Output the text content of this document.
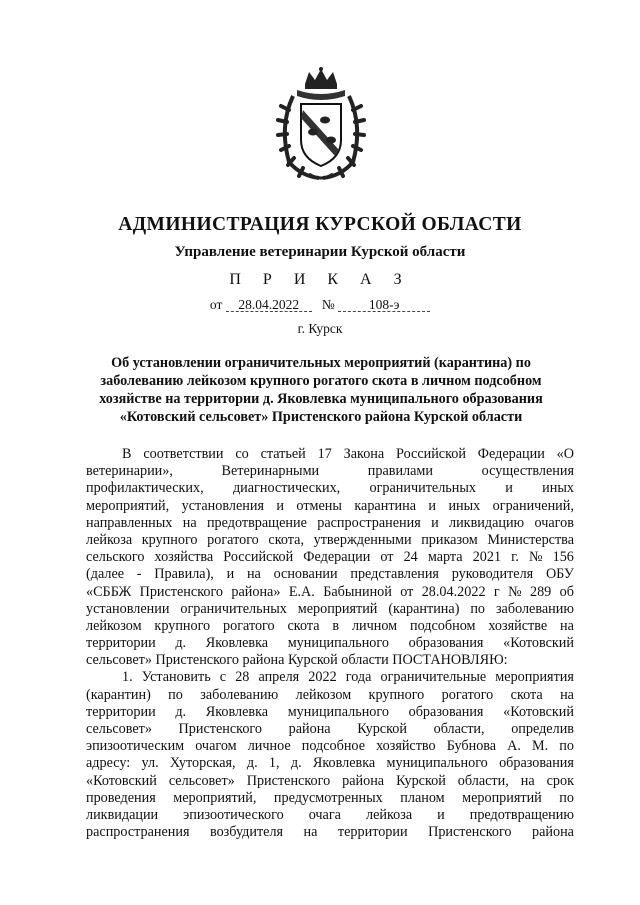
АДМИНИСТРАЦИЯ КУРСКОЙ ОБЛАСТИ
Управление ветеринарии Курской области
П Р И К А З
от 28.04.2022 №	108-э
г. Курск
Об установлении ограничительных мероприятий (карантина) по
заболеванию лейкозом крупного рогатого скота в личном подсобном
хозяйстве на территории д. Яковлевка муниципального образования
«Котовский сельсовет» Пристенского района Курской области
В соответствии со статьей 17 Закона Российской Федерации «О
ветеринарии»,	Ветеринарными	правилами	осуществления
профилактических, диагностических, ограничительных и иных
мероприятий, установления и отмены карантина и иных ограничений,
направленных на предотвращение распространения и ликвидацию очагов
лейкоза крупного рогатого скота, утвержденными приказом Министерства
сельского хозяйства Российской Федерации от 24 марта 2021 г. № 156
(далее - Правила), и на основании представления руководителя ОБУ
«СББЖ Пристенского района» Е.А. Бабыниной от 28.04.2022 г № 289 об
установлении ограничительных мероприятий (карантина) по заболеванию
лейкозом крупного рогатого скота в личном подсобном хозяйстве на
территории д. Яковлевка муниципального образования «Котовский
сельсовет» Пристенского района Курской области ПОСТАНОВЛЯЮ:
1. Установить с 28 апреля 2022 года ограничительные мероприятия
(карантин) по заболеванию лейкозом крупного рогатого скота на
территории д. Яковлевка муниципального образования «Котовский
сельсовет» Пристенского района Курской области, определив
эпизоотическим очагом личное подсобное хозяйство Бубнова А. М. по
адресу: ул. Хуторская, д. 1, д. Яковлевка муниципального образования
«Котовский сельсовет» Пристенского района Курской области, на срок
проведения мероприятий, предусмотренных планом мероприятий по
ликвидации эпизоотического очага лейкоза и предотвращению
распространения возбудителя на территории Пристенского района
